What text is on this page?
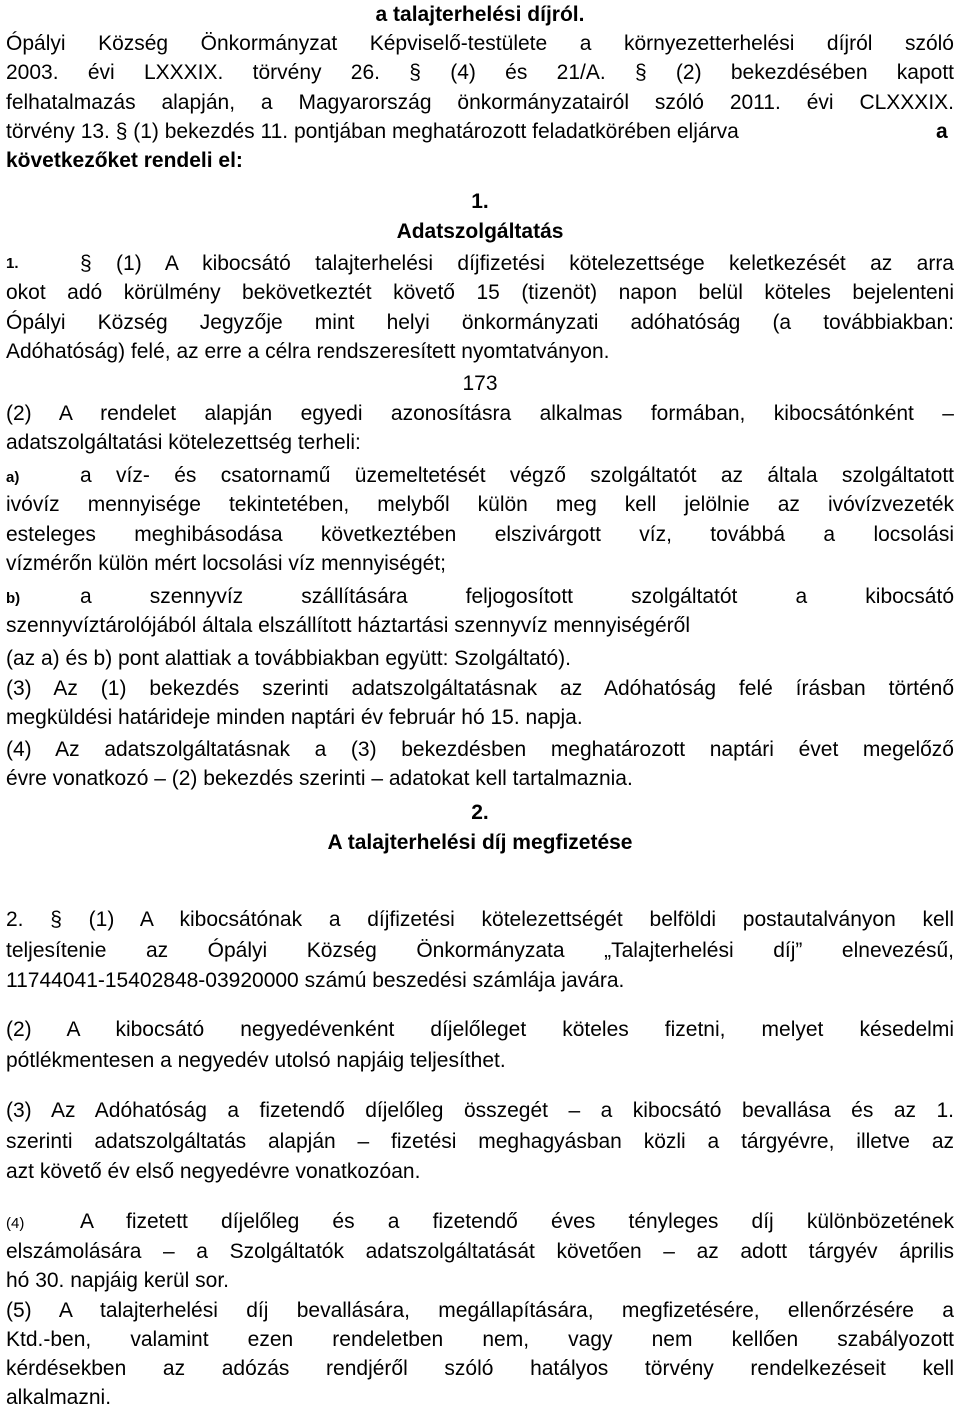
a talajterhelési díjról.
Ópályi Község Önkormányzat Képviselő-testülete a környezetterhelési díjról szóló
2003. évi LXXXIX. törvény 26. § (4) és 21/A. § (2) bekezdésében kapott
felhatalmazás alapján, a Magyarország önkormányzatairól szóló 2011. évi CLXXXIX.
törvény 13. § (1) bekezdés 11. pontjában meghatározott feladatkörében eljárva	a
következőket rendeli el:
1.
Adatszolgáltatás
1.	§ (1) A kibocsátó talajterhelési díjfizetési kötelezettsége keletkezését az arra
okot adó körülmény bekövetkeztét követő 15 (tizenöt) napon belül köteles bejelenteni
Ópályi Község Jegyzője mint helyi önkormányzati adóhatóság (a továbbiakban:
Adóhatóság) felé, az erre a célra rendszeresített nyomtatványon.
173
(2) A rendelet alapján egyedi azonosításra alkalmas formában, kibocsátónként –
adatszolgáltatási kötelezettség terheli:
a)	a víz- és csatornamű üzemeltetését végző szolgáltatót az általa szolgáltatott
ivóvíz mennyisége tekintetében, melyből külön meg kell jelölnie az ivóvízvezeték
esteleges meghibásodása következtében elszivárgott víz, továbbá a locsolási
vízmérőn külön mért locsolási víz mennyiségét;
b)	a szennyvíz szállítására feljogosított szolgáltatót a kibocsátó
szennyvíztárolójából általa elszállított háztartási szennyvíz mennyiségéről
(az a) és b) pont alattiak a továbbiakban együtt: Szolgáltató).
(3) Az (1) bekezdés szerinti adatszolgáltatásnak az Adóhatóság felé írásban történő
megküldési határideje minden naptári év február hó 15. napja.
(4) Az adatszolgáltatásnak a (3) bekezdésben meghatározott naptári évet megelőző
évre vonatkozó – (2) bekezdés szerinti – adatokat kell tartalmaznia.
2.
A talajterhelési díj megfizetése
2. § (1) A kibocsátónak a díjfizetési kötelezettségét belföldi postautalványon kell
teljesítenie az Ópályi Község Önkormányzata „Talajterhelési díj” elnevezésű,
11744041-15402848-03920000 számú beszedési számlája javára.
(2) A kibocsátó negyedévenként díjelőleget köteles fizetni, melyet késedelmi
pótlékmentesen a negyedév utolsó napjáig teljesíthet.
(3) Az Adóhatóság a fizetendő díjelőleg összegét – a kibocsátó bevallása és az 1.
szerinti adatszolgáltatás alapján – fizetési meghagyásban közli a tárgyévre, illetve az
azt követő év első negyedévre vonatkozóan.
(4)	A fizetett díjelőleg és a fizetendő éves tényleges díj különbözetének
elszámolására – a Szolgáltatók adatszolgáltatását követően – az adott tárgyév április
hó 30. napjáig kerül sor.
(5) A talajterhelési díj bevallására, megállapítására, megfizetésére, ellenőrzésére a
Ktd.-ben, valamint ezen rendeletben nem, vagy nem kellően szabályozott
kérdésekben az adózás rendjéről szóló hatályos törvény rendelkezéseit kell
alkalmazni.
